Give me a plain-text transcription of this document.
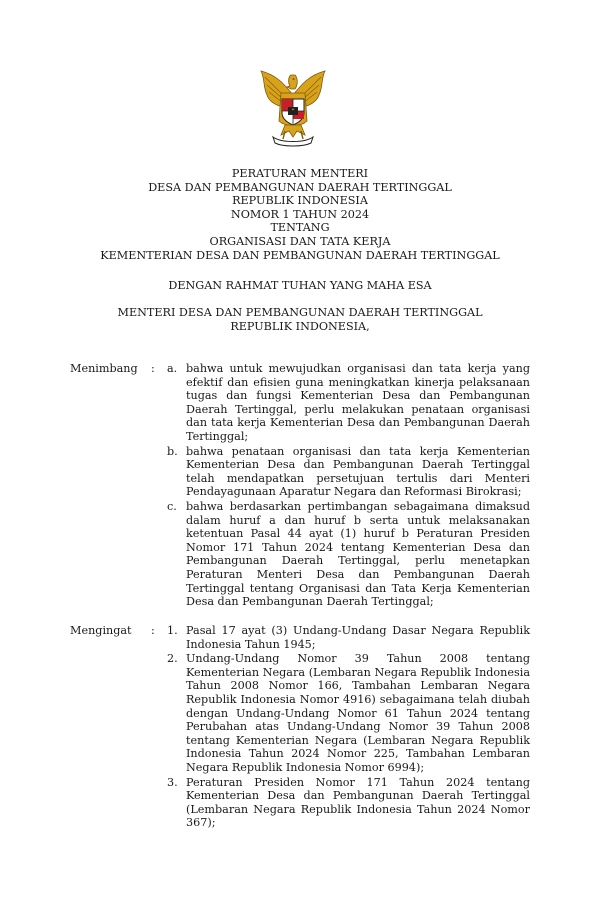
PERATURAN MENTERI
DESA DAN PEMBANGUNAN DAERAH TERTINGGAL
REPUBLIK INDONESIA
NOMOR 1 TAHUN 2024
TENTANG
ORGANISASI DAN TATA KERJA
KEMENTERIAN DESA DAN PEMBANGUNAN DAERAH TERTINGGAL
DENGAN RAHMAT TUHAN YANG MAHA ESA
MENTERI DESA DAN PEMBANGUNAN DAERAH TERTINGGAL
REPUBLIK INDONESIA,
Menimbang : a. bahwa untuk mewujudkan organisasi dan tata kerja yang efektif dan efisien guna meningkatkan kinerja pelaksanaan tugas dan fungsi Kementerian Desa dan Pembangunan Daerah Tertinggal, perlu melakukan penataan organisasi dan tata kerja Kementerian Desa dan Pembangunan Daerah Tertinggal;
b. bahwa penataan organisasi dan tata kerja Kementerian Kementerian Desa dan Pembangunan Daerah Tertinggal telah mendapatkan persetujuan tertulis dari Menteri Pendayagunaan Aparatur Negara dan Reformasi Birokrasi;
c. bahwa berdasarkan pertimbangan sebagaimana dimaksud dalam huruf a dan huruf b serta untuk melaksanakan ketentuan Pasal 44 ayat (1) huruf b Peraturan Presiden Nomor 171 Tahun 2024 tentang Kementerian Desa dan Pembangunan Daerah Tertinggal, perlu menetapkan Peraturan Menteri Desa dan Pembangunan Daerah Tertinggal tentang Organisasi dan Tata Kerja Kementerian Desa dan Pembangunan Daerah Tertinggal;
Mengingat : 1. Pasal 17 ayat (3) Undang-Undang Dasar Negara Republik Indonesia Tahun 1945;
2. Undang-Undang Nomor 39 Tahun 2008 tentang Kementerian Negara (Lembaran Negara Republik Indonesia Tahun 2008 Nomor 166, Tambahan Lembaran Negara Republik Indonesia Nomor 4916) sebagaimana telah diubah dengan Undang-Undang Nomor 61 Tahun 2024 tentang Perubahan atas Undang-Undang Nomor 39 Tahun 2008 tentang Kementerian Negara (Lembaran Negara Republik Indonesia Tahun 2024 Nomor 225, Tambahan Lembaran Negara Republik Indonesia Nomor 6994);
3. Peraturan Presiden Nomor 171 Tahun 2024 tentang Kementerian Desa dan Pembangunan Daerah Tertinggal (Lembaran Negara Republik Indonesia Tahun 2024 Nomor 367);
